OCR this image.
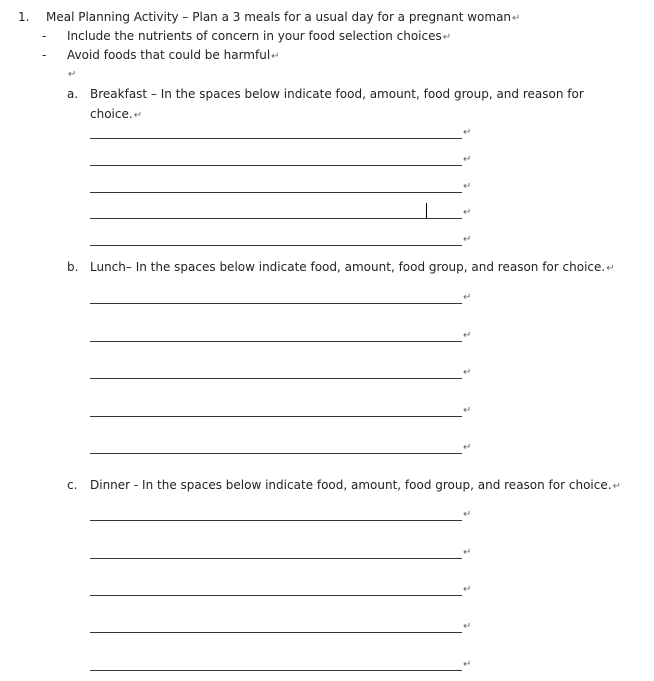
1. Meal Planning Activity – Plan a 3 meals for a usual day for a pregnant woman↵
- Include the nutrients of concern in your food selection choices↵
- Avoid foods that could be harmful↵
↵
a. Breakfast – In the spaces below indicate food, amount, food group, and reason for
choice.↵
↵
↵
↵
↵
↵
b. Lunch– In the spaces below indicate food, amount, food group, and reason for choice.↵
↵
↵
↵
↵
↵
c. Dinner - In the spaces below indicate food, amount, food group, and reason for choice.↵
↵
↵
↵
↵
↵
